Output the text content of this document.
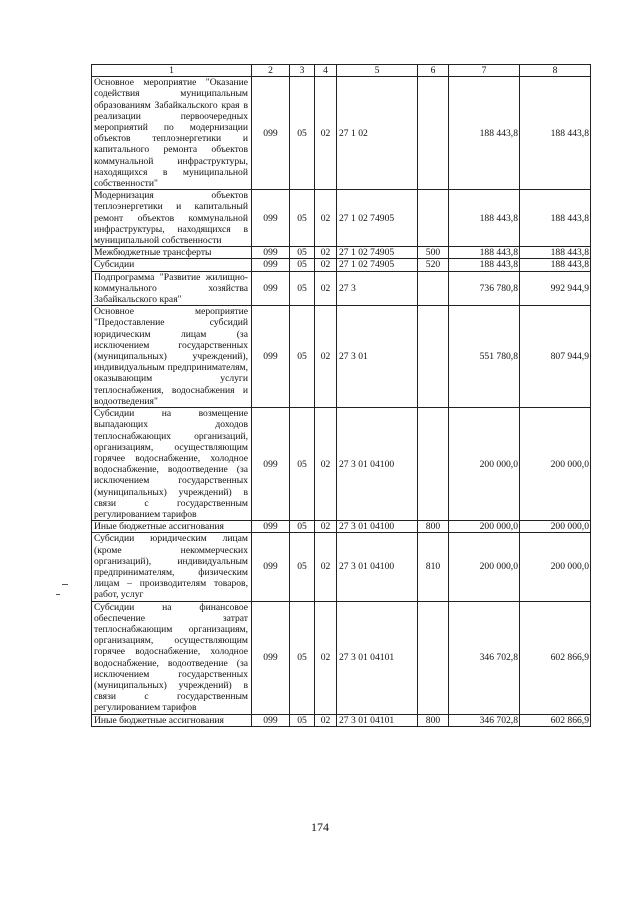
1	2	3	4	5	6	7	8
Основное мероприятие "Оказание содействия муниципальным образованиям Забайкальского края в реализации первоочередных мероприятий по модернизации объектов теплоэнергетики и капитального ремонта объектов коммунальной инфраструктуры, находящихся в муниципальной собственности"	099	05	02	27 1 02		188 443,8	188 443,8
Модернизация объектов теплоэнергетики и капитальный ремонт объектов коммунальной инфраструктуры, находящихся в муниципальной собственности	099	05	02	27 1 02 74905		188 443,8	188 443,8
Межбюджетные трансферты	099	05	02	27 1 02 74905	500	188 443,8	188 443,8
Субсидии	099	05	02	27 1 02 74905	520	188 443,8	188 443,8
Подпрограмма "Развитие жилищно-коммунального хозяйства Забайкальского края"	099	05	02	27 3		736 780,8	992 944,9
Основное мероприятие "Предоставление субсидий юридическим лицам (за исключением государственных (муниципальных) учреждений), индивидуальным предпринимателям, оказывающим услуги теплоснабжения, водоснабжения и водоотведения"	099	05	02	27 3 01		551 780,8	807 944,9
Субсидии на возмещение выпадающих доходов теплоснабжающих организаций, организациям, осуществляющим горячее водоснабжение, холодное водоснабжение, водоотведение (за исключением государственных (муниципальных) учреждений) в связи с государственным регулированием тарифов	099	05	02	27 3 01 04100		200 000,0	200 000,0
Иные бюджетные ассигнования	099	05	02	27 3 01 04100	800	200 000,0	200 000,0
Субсидии юридическим лицам (кроме некоммерческих организаций), индивидуальным предпринимателям, физическим лицам – производителям товаров, работ, услуг	099	05	02	27 3 01 04100	810	200 000,0	200 000,0
Субсидии на финансовое обеспечение затрат теплоснабжающим организациям, организациям, осуществляющим горячее водоснабжение, холодное водоснабжение, водоотведение (за исключением государственных (муниципальных) учреждений) в связи с государственным регулированием тарифов	099	05	02	27 3 01 04101		346 702,8	602 866,9
Иные бюджетные ассигнования	099	05	02	27 3 01 04101	800	346 702,8	602 866,9
174
